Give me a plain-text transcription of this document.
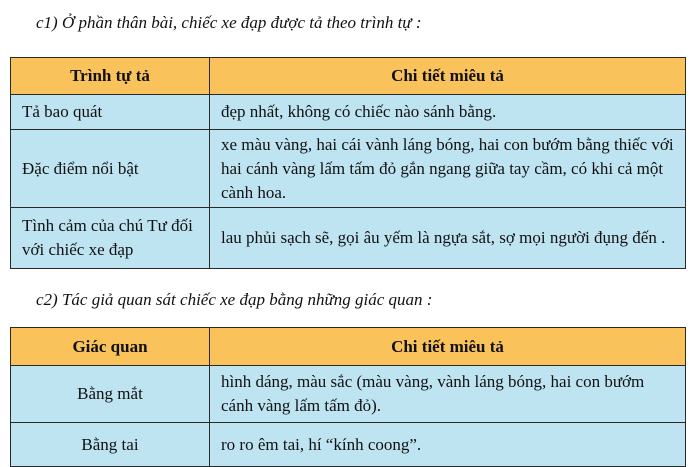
c1) Ở phần thân bài, chiếc xe đạp được tả theo trình tự :
Trình tự tả	Chi tiết miêu tả
Tả bao quát	đẹp nhất, không có chiếc nào sánh bằng.
Đặc điểm nổi bật	xe màu vàng, hai cái vành láng bóng, hai con bướm bằng thiếc với hai cánh vàng lấm tấm đỏ gắn ngang giữa tay cầm, có khi cả một cành hoa.
Tình cảm của chú Tư đối với chiếc xe đạp	lau phủi sạch sẽ, gọi âu yếm là ngựa sắt, sợ mọi người đụng đến .
c2) Tác giả quan sát chiếc xe đạp bằng những giác quan :
Giác quan	Chi tiết miêu tả
Bằng mắt	hình dáng, màu sắc (màu vàng, vành láng bóng, hai con bướm cánh vàng lấm tấm đỏ).
Bằng tai	ro ro êm tai, hí “kính coong”.
